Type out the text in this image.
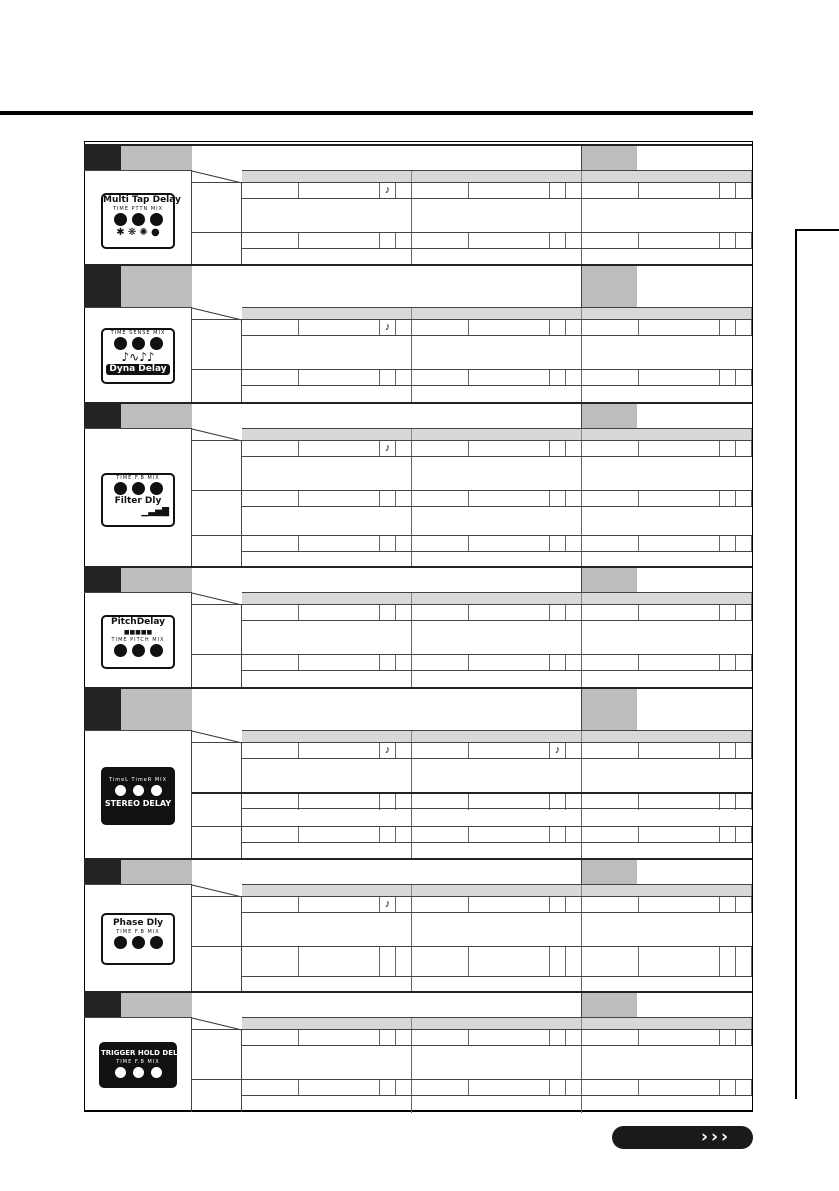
Multi Tap Delay
TIME PTTN MIX
✱ ❋ ✺ ●
♪
TIME SENSE MIX
♪∿♪♪
Dyna Delay
♪
TIME F.B MIX
Filter Dly
▁▃▅▇
♪
PitchDelay
■■■■■
TIME PITCH MIX
TimeL TimeR MIX
STEREO DELAY
♪	♪
Phase Dly
TIME F.B MIX
♪
TRIGGER HOLD DELAY
TIME F.B MIX
›››
